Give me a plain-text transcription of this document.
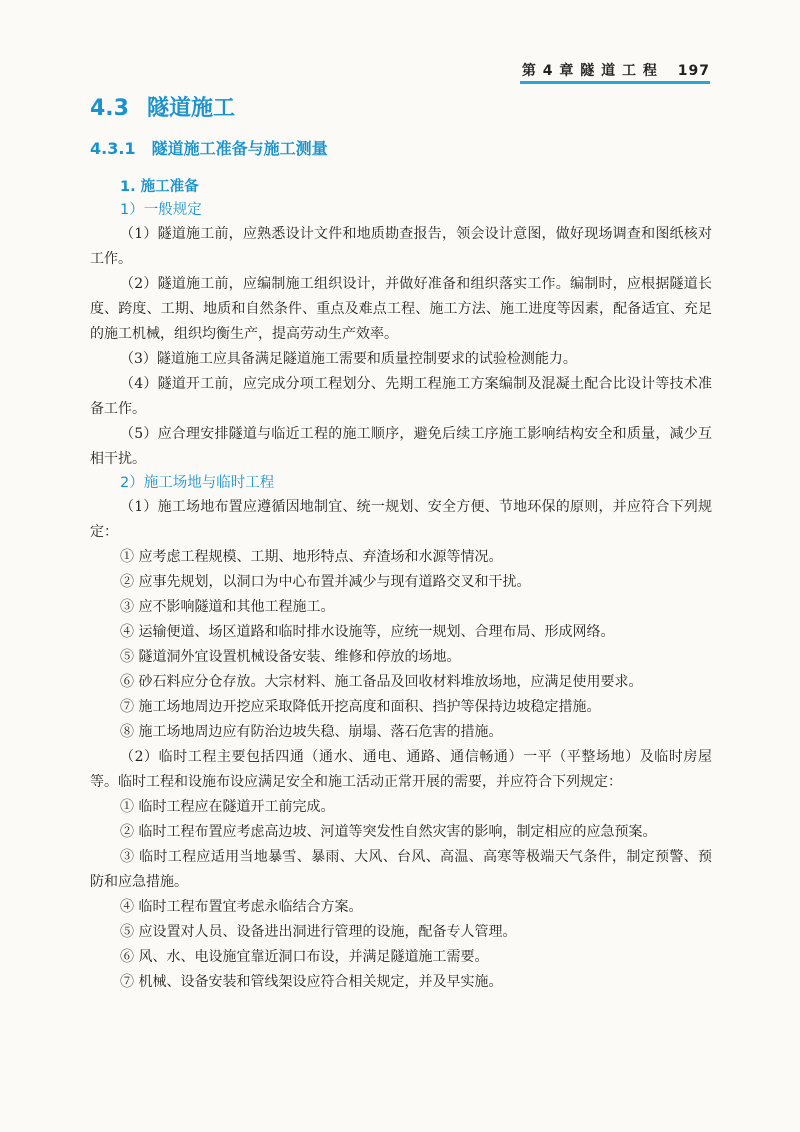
第 4 章 隧 道 工 程 197
4.3 隧道施工
4.3.1 隧道施工准备与施工测量
1. 施工准备
1）一般规定

（1）隧道施工前，应熟悉设计文件和地质勘查报告，领会设计意图，做好现场调查和图纸核对工作。

（2）隧道施工前，应编制施工组织设计，并做好准备和组织落实工作。编制时，应根据隧道长度、跨度、工期、地质和自然条件、重点及难点工程、施工方法、施工进度等因素，配备适宜、充足的施工机械，组织均衡生产，提高劳动生产效率。

（3）隧道施工应具备满足隧道施工需要和质量控制要求的试验检测能力。

（4）隧道开工前，应完成分项工程划分、先期工程施工方案编制及混凝土配合比设计等技术准备工作。

（5）应合理安排隧道与临近工程的施工顺序，避免后续工序施工影响结构安全和质量，减少互相干扰。

2）施工场地与临时工程

（1）施工场地布置应遵循因地制宜、统一规划、安全方便、节地环保的原则，并应符合下列规定：

① 应考虑工程规模、工期、地形特点、弃渣场和水源等情况。

② 应事先规划，以洞口为中心布置并减少与现有道路交叉和干扰。

③ 应不影响隧道和其他工程施工。

④ 运输便道、场区道路和临时排水设施等，应统一规划、合理布局、形成网络。

⑤ 隧道洞外宜设置机械设备安装、维修和停放的场地。

⑥ 砂石料应分仓存放。大宗材料、施工备品及回收材料堆放场地，应满足使用要求。

⑦ 施工场地周边开挖应采取降低开挖高度和面积、挡护等保持边坡稳定措施。

⑧ 施工场地周边应有防治边坡失稳、崩塌、落石危害的措施。

（2）临时工程主要包括四通（通水、通电、通路、通信畅通）一平（平整场地）及临时房屋等。临时工程和设施布设应满足安全和施工活动正常开展的需要，并应符合下列规定：

① 临时工程应在隧道开工前完成。

② 临时工程布置应考虑高边坡、河道等突发性自然灾害的影响，制定相应的应急预案。

③ 临时工程应适用当地暴雪、暴雨、大风、台风、高温、高寒等极端天气条件，制定预警、预防和应急措施。

④ 临时工程布置宜考虑永临结合方案。

⑤ 应设置对人员、设备进出洞进行管理的设施，配备专人管理。

⑥ 风、水、电设施宜靠近洞口布设，并满足隧道施工需要。

⑦ 机械、设备安装和管线架设应符合相关规定，并及早实施。
